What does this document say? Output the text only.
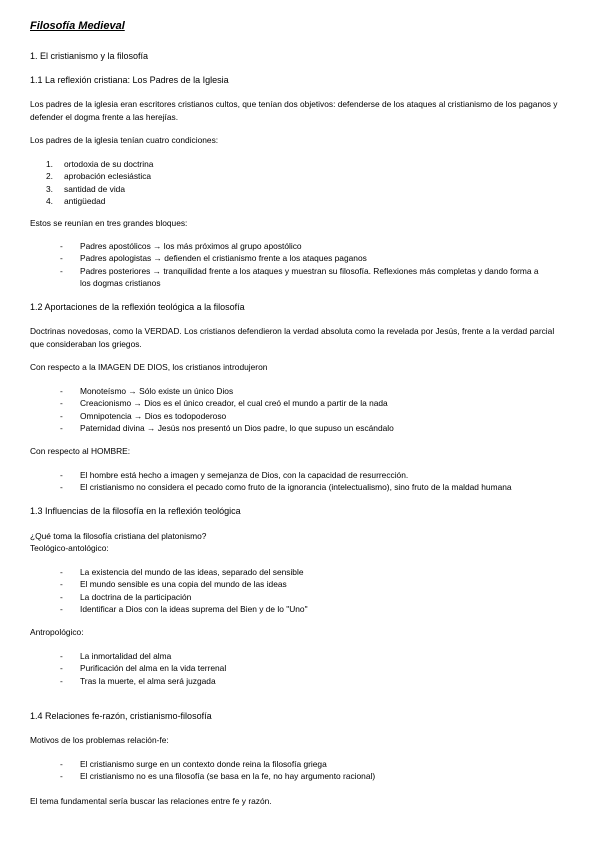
Filosofía Medieval
1. El cristianismo y la filosofía
1.1 La reflexión cristiana: Los Padres de la Iglesia
Los padres de la iglesia eran escritores cristianos cultos, que tenían dos objetivos: defenderse de los ataques al cristianismo de los paganos y defender el dogma frente a las herejías.
Los padres de la iglesia tenían cuatro condiciones:
1. ortodoxia de su doctrina
2. aprobación eclesiástica
3. santidad de vida
4. antigüedad
Estos se reunían en tres grandes bloques:
- Padres apostólicos → los más próximos al grupo apostólico
- Padres apologistas → defienden el cristianismo frente a los ataques paganos
- Padres posteriores → tranquilidad frente a los ataques y muestran su filosofía. Reflexiones más completas y dando forma a los dogmas cristianos
1.2 Aportaciones de la reflexión teológica a la filosofía
Doctrinas novedosas, como la VERDAD. Los cristianos defendieron la verdad absoluta como la revelada por Jesús, frente a la verdad parcial que consideraban los griegos.
Con respecto a la IMAGEN DE DIOS, los cristianos introdujeron
- Monoteísmo → Sólo existe un único Dios
- Creacionismo → Dios es el único creador, el cual creó el mundo a partir de la nada
- Omnipotencia → Dios es todopoderoso
- Paternidad divina → Jesús nos presentó un Dios padre, lo que supuso un escándalo
Con respecto al HOMBRE:
- El hombre está hecho a imagen y semejanza de Dios, con la capacidad de resurrección.
- El cristianismo no considera el pecado como fruto de la ignorancia (intelectualismo), sino fruto de la maldad humana
1.3 Influencias de la filosofía en la reflexión teológica
¿Qué toma la filosofía cristiana del platonismo?
Teológico-antológico:
- La existencia del mundo de las ideas, separado del sensible
- El mundo sensible es una copia del mundo de las ideas
- La doctrina de la participación
- Identificar a Dios con la ideas suprema del Bien y de lo "Uno"
Antropológico:
- La inmortalidad del alma
- Purificación del alma en la vida terrenal
- Tras la muerte, el alma será juzgada
1.4 Relaciones fe-razón, cristianismo-filosofía
Motivos de los problemas relación-fe:
- El cristianismo surge en un contexto donde reina la filosofía griega
- El cristianismo no es una filosofía (se basa en la fe, no hay argumento racional)
El tema fundamental sería buscar las relaciones entre fe y razón.
